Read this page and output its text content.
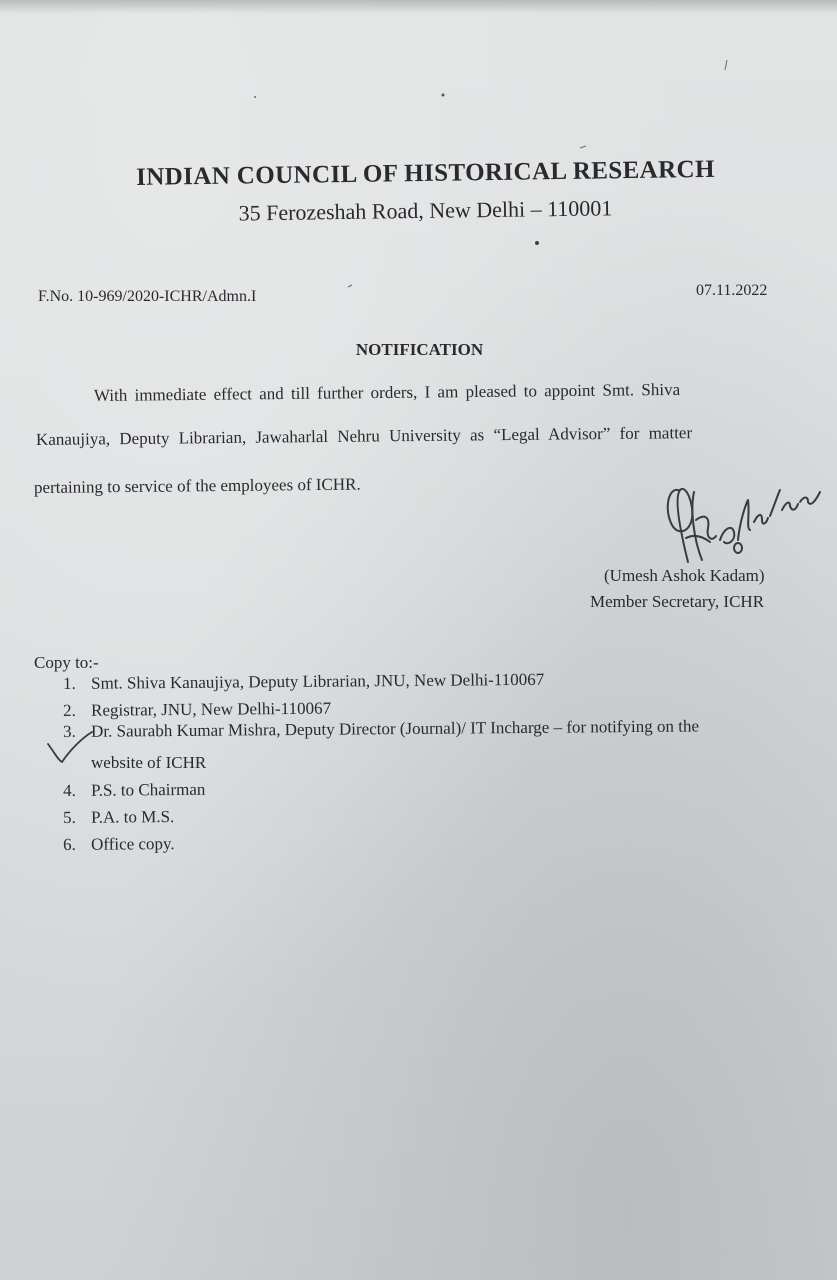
INDIAN COUNCIL OF HISTORICAL RESEARCH
35 Ferozeshah Road, New Delhi – 110001
F.No. 10-969/2020-ICHR/Admn.I	07.11.2022
NOTIFICATION
With immediate effect and till further orders, I am pleased to appoint Smt. Shiva
Kanaujiya, Deputy Librarian, Jawaharlal Nehru University as “Legal Advisor” for matter
pertaining to service of the employees of ICHR.
(Umesh Ashok Kadam)
Member Secretary, ICHR
Copy to:-
1. Smt. Shiva Kanaujiya, Deputy Librarian, JNU, New Delhi-110067
2. Registrar, JNU, New Delhi-110067
3. Dr. Saurabh Kumar Mishra, Deputy Director (Journal)/ IT Incharge – for notifying on the
4. P.S. to Chairman
5. P.A. to M.S.
6. Office copy.
website of ICHR
